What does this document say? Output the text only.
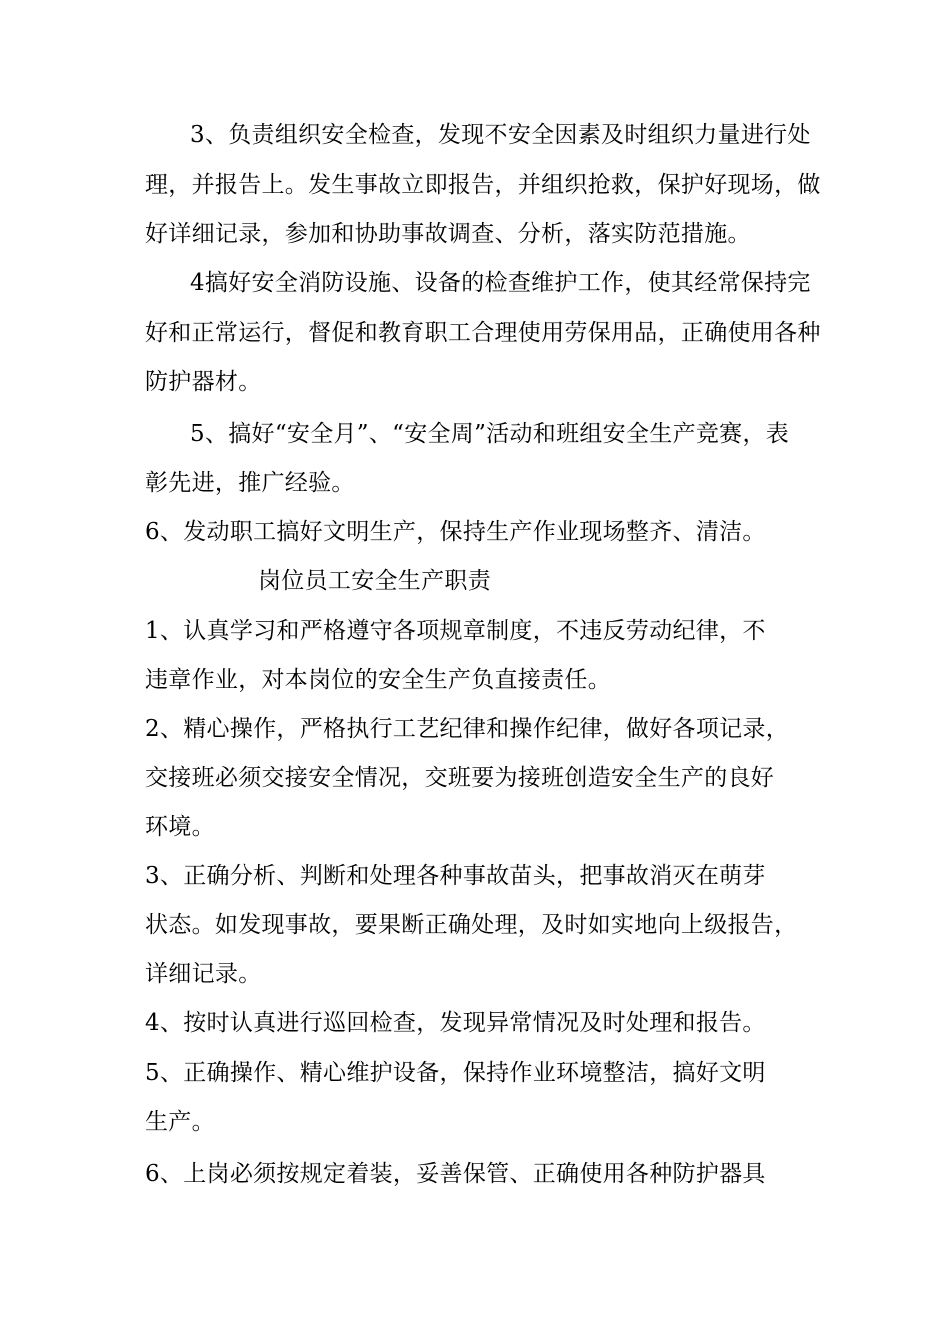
3、负责组织安全检查，发现不安全因素及时组织力量进行处
理，并报告上。发生事故立即报告，并组织抢救，保护好现场，做
好详细记录，参加和协助事故调查、分析，落实防范措施。
4搞好安全消防设施、设备的检查维护工作，使其经常保持完
好和正常运行，督促和教育职工合理使用劳保用品，正确使用各种
防护器材。
5、搞好“安全月”、“安全周”活动和班组安全生产竞赛，表
彰先进，推广经验。
6、发动职工搞好文明生产，保持生产作业现场整齐、清洁。
岗位员工安全生产职责
1、认真学习和严格遵守各项规章制度，不违反劳动纪律，不
违章作业，对本岗位的安全生产负直接责任。
2、精心操作，严格执行工艺纪律和操作纪律，做好各项记录，
交接班必须交接安全情况，交班要为接班创造安全生产的良好
环境。
3、正确分析、判断和处理各种事故苗头，把事故消灭在萌芽
状态。如发现事故，要果断正确处理，及时如实地向上级报告，
详细记录。
4、按时认真进行巡回检查，发现异常情况及时处理和报告。
5、正确操作、精心维护设备，保持作业环境整洁，搞好文明
生产。
6、上岗必须按规定着装，妥善保管、正确使用各种防护器具
